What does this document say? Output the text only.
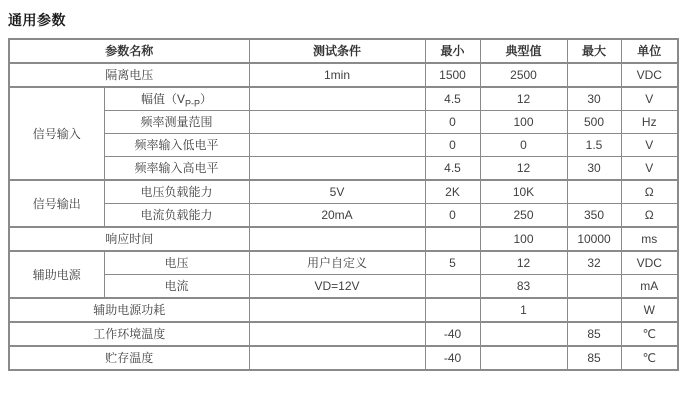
通用参数
参数名称		测试条件	最小	典型值	最大	单位
隔离电压		1min	1500	2500		VDC
信号输入	幅值$(V_{P-P})$		4.5	12	30	V
	频率测量范围		0	100	500	Hz
	频率输入低电平		0	0	1.5	V
	频率输入高电平		4.5	12	30	V
信号输出	电压负载能力	5V	2K	10K		Ω
	电流负载能力	20mA	0	250	350	Ω
响应时间				100	10000	ms
辅助电源	电压	用户自定义	5	12	32	VDC
	电流	VD=12V		83		mA
辅助电源功耗				1		W
工作环境温度			-40		85	℃
贮存温度			-40		85	℃
